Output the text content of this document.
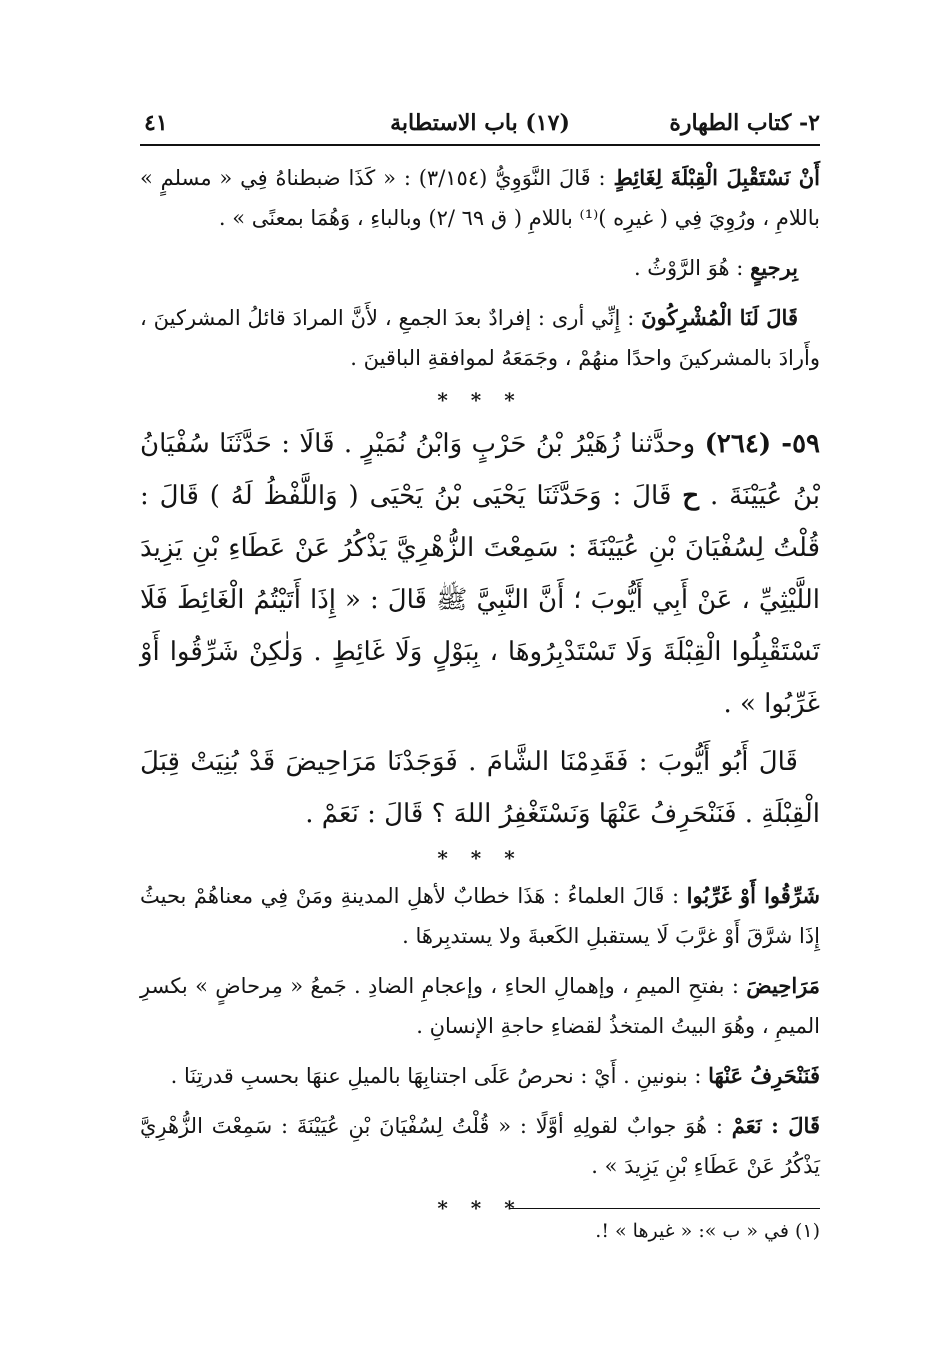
٢- كتاب الطهارة
(١٧) باب الاستطابة
٤١

أَنْ نَسْتَقْبِلَ الْقِبْلَةَ لِغَائِطٍ : قَالَ النَّوَوِيُّ (٣/١٥٤) : « كَذَا ضبطناهُ فِي « مسلمٍ » باللامِ ، ورُوِيَ فِي ( غيرِه )⁽¹⁾ باللامِ ( ق ٦٩ /٢) وبالباءِ ، وَهُمَا بمعنًى » .

بِرجيعٍ : هُوَ الرَّوْثُ .

قَالَ لَنَا الْمُشْرِكُونَ : إِنِّي أرى : إفرادٌ بعدَ الجمعِ ، لأَنَّ المرادَ قائلُ المشركينَ ، وأَرادَ بالمشركينَ واحدًا منهُمْ ، وجَمَعَهُ لموافقةِ الباقينَ .

* * *

٥٩- (٢٦٤) وحدَّثنا زُهَيْرُ بْنُ حَرْبٍ وَابْنُ نُمَيْرٍ . قَالَا : حَدَّثَنَا سُفْيَانُ بْنُ عُيَيْنَةَ . ح قَالَ : وَحَدَّثَنَا يَحْيَى بْنُ يَحْيَى ( وَاللَّفْظُ لَهُ ) قَالَ : قُلْتُ لِسُفْيَانَ بْنِ عُيَيْنَةَ : سَمِعْتَ الزُّهْرِيَّ يَذْكُرُ عَنْ عَطَاءِ بْنِ يَزِيدَ اللَّيْثِيِّ ، عَنْ أَبِي أَيُّوبَ ؛ أَنَّ النَّبِيَّ ﷺ قَالَ : « إِذَا أَتَيْتُمُ الْغَائِطَ فَلَا تَسْتَقْبِلُوا الْقِبْلَةَ وَلَا تَسْتَدْبِرُوهَا ، بِبَوْلٍ وَلَا غَائِطٍ . وَلٰكِنْ شَرِّقُوا أَوْ غَرِّبُوا » .

قَالَ أَبُو أَيُّوبَ : فَقَدِمْنَا الشَّامَ . فَوَجَدْنَا مَرَاحِيضَ قَدْ بُنِيَتْ قِبَلَ الْقِبْلَةِ . فَنَنْحَرِفُ عَنْهَا وَنَسْتَغْفِرُ اللهَ ؟ قَالَ : نَعَمْ .

* * *

شَرِّقُوا أَوْ غَرِّبُوا : قَالَ العلماءُ : هَذَا خطابٌ لأهلِ المدينةِ ومَنْ فِي معناهُمْ بحيثُ إِذَا شرَّقَ أَوْ غرَّبَ لَا يستقبلِ الكَعبةَ ولا يستدبِرهَا .

مَرَاحِيضَ : بفتحِ الميمِ ، وإهمالِ الحاءِ ، وإعجامِ الضادِ . جَمعُ « مِرحاضٍ » بكسرِ الميمِ ، وهُوَ البيتُ المتخذُ لقضاءِ حاجةِ الإنسانِ .

فَنَنْحَرِفُ عَنْهَا : بنونينِ . أَيْ : نحرصُ عَلَى اجتنابِهَا بالميلِ عنهَا بحسبِ قدرتِنَا .

قَالَ : نَعَمْ : هُوَ جوابٌ لقولِهِ أوَّلًا : « قُلْتُ لِسُفْيَانَ بْنِ عُيَيْنَةَ : سَمِعْتَ الزُّهْرِيَّ يَذْكُرُ عَنْ عَطَاءِ بْنِ يَزِيدَ » .

* * *
(١) في « ب »: « غيرها » !.
